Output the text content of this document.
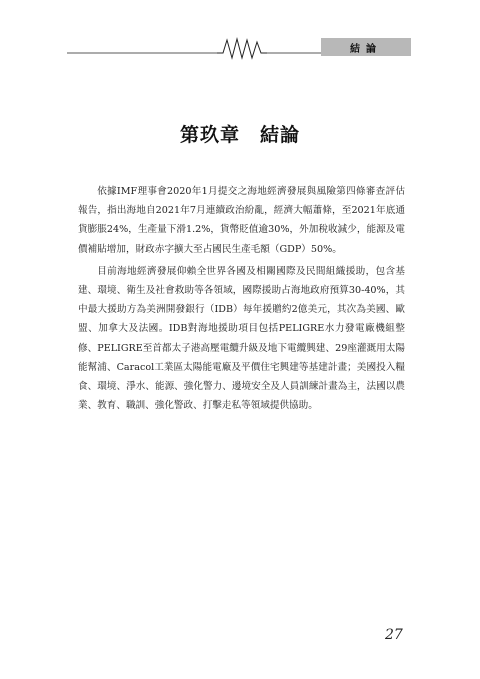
結論
第玖章　結論

依據IMF理事會2020年1月提交之海地經濟發展與風險第四條審查評估報告，指出海地自2021年7月連續政治紛亂，經濟大幅蕭條，至2021年底通貨膨脹24%，生產量下滑1.2%，貨幣貶值逾30%，外加稅收減少，能源及電價補貼增加，財政赤字擴大至占國民生產毛額（GDP）50%。

目前海地經濟發展仰賴全世界各國及相關國際及民間組織援助，包含基建、環境、衛生及社會救助等各領域，國際援助占海地政府預算30-40%，其中最大援助方為美洲開發銀行（IDB）每年援贈約2億美元，其次為美國、歐盟、加拿大及法國。IDB對海地援助項目包括PELIGRE水力發電廠機組整修、PELIGRE至首都太子港高壓電纜升級及地下電纜興建、29座灌溉用太陽能幫浦、Caracol工業區太陽能電廠及平價住宅興建等基建計畫；美國投入糧食、環境、淨水、能源、強化警力、邊境安全及人員訓練計畫為主，法國以農業、教育、職訓、強化警政、打擊走私等領域提供協助。

27
